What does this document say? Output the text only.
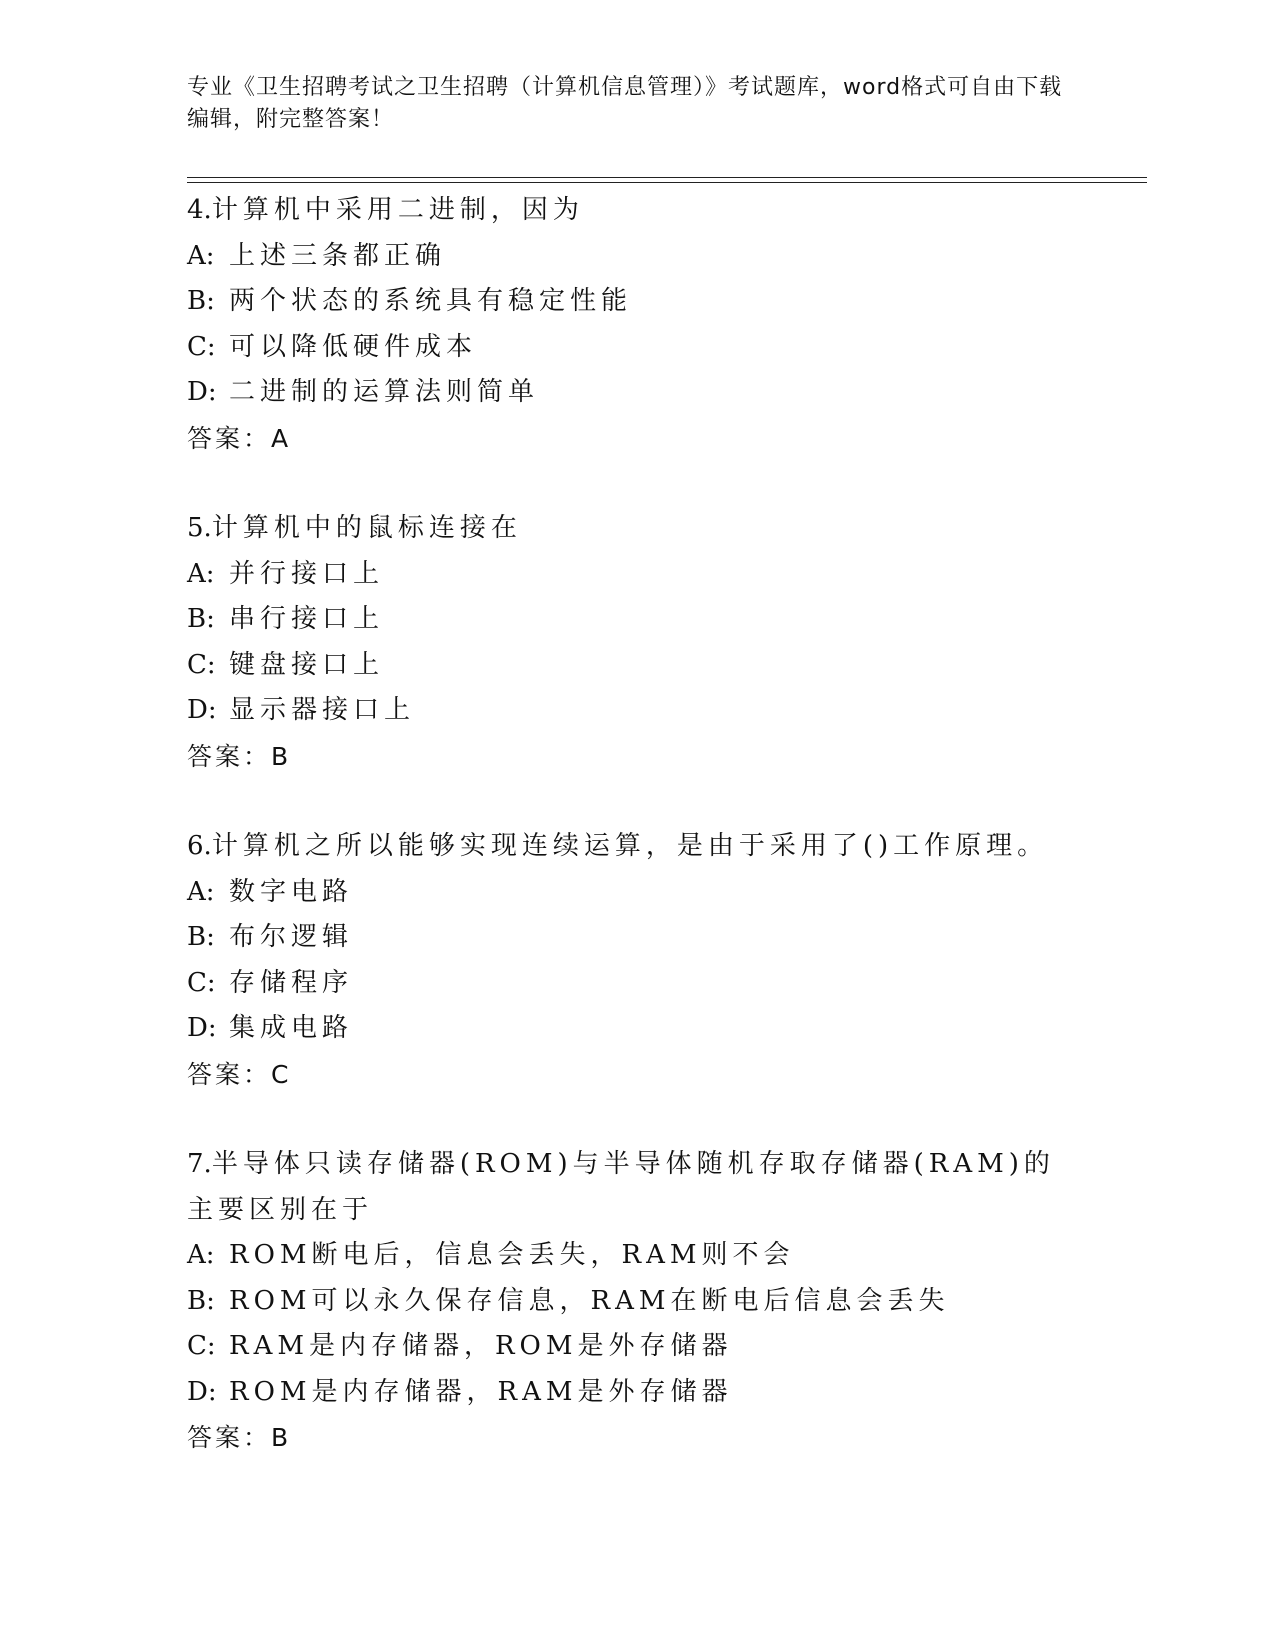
专业《卫生招聘考试之卫生招聘（计算机信息管理）》考试题库，word格式可自由下载编辑，附完整答案！
4.计算机中采用二进制，因为
A: 上述三条都正确
B: 两个状态的系统具有稳定性能
C: 可以降低硬件成本
D: 二进制的运算法则简单
答案：A
5.计算机中的鼠标连接在
A: 并行接口上
B: 串行接口上
C: 键盘接口上
D: 显示器接口上
答案：B
6.计算机之所以能够实现连续运算，是由于采用了()工作原理。
A: 数字电路
B: 布尔逻辑
C: 存储程序
D: 集成电路
答案：C
7.半导体只读存储器(ROM)与半导体随机存取存储器(RAM)的主要区别在于
A: ROM断电后，信息会丢失，RAM则不会
B: ROM可以永久保存信息，RAM在断电后信息会丢失
C: RAM是内存储器，ROM是外存储器
D: ROM是内存储器，RAM是外存储器
答案：B
